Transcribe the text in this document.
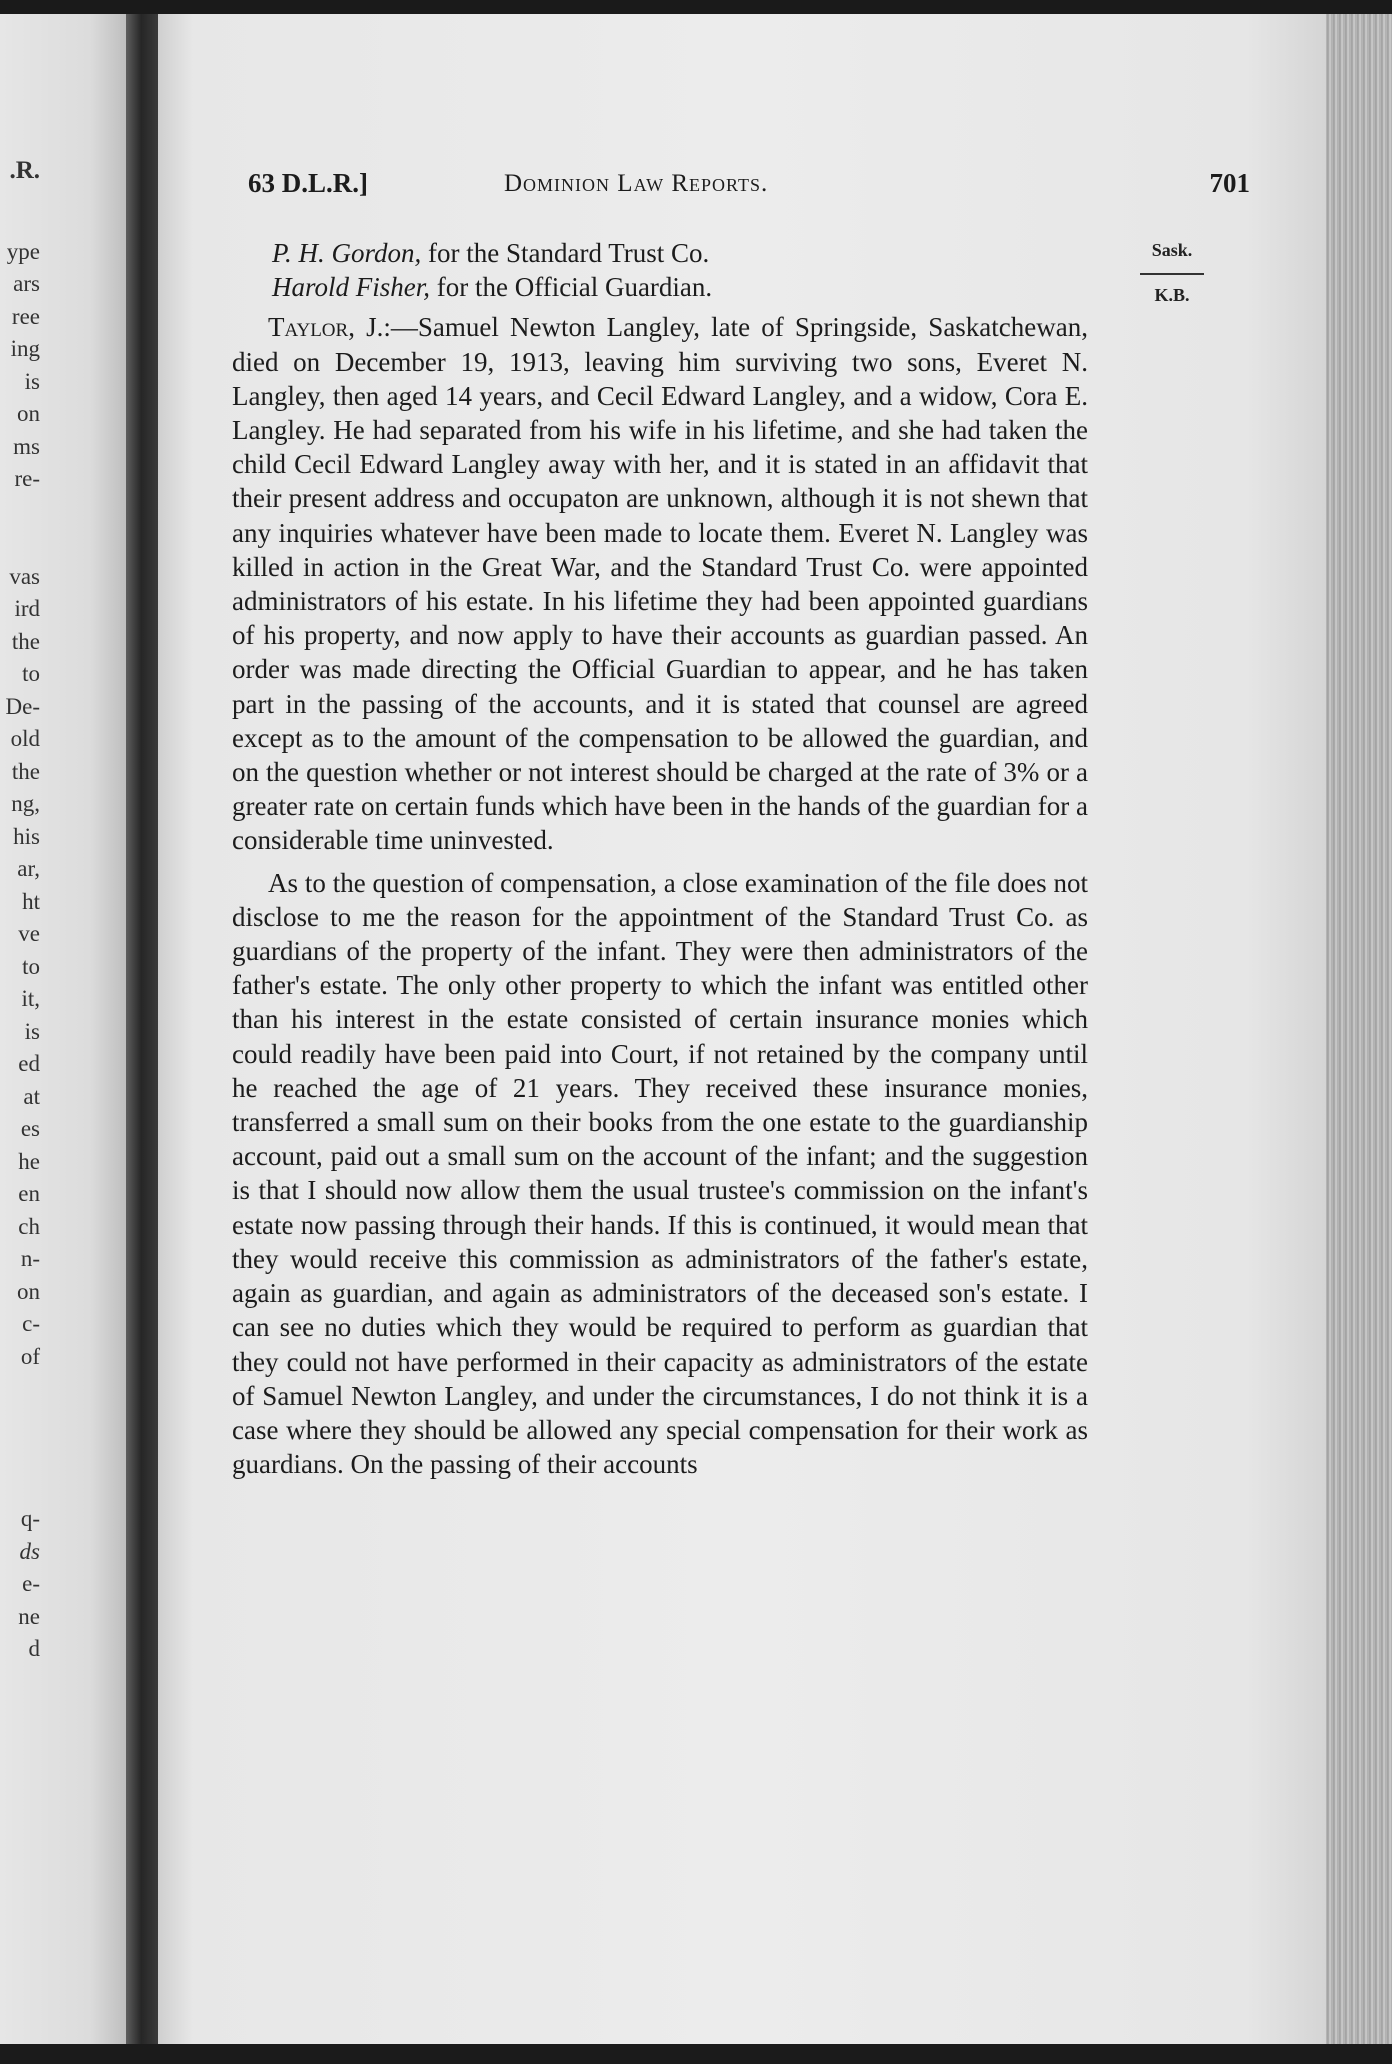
.R.
ype
ars
ree
ing
is
on
ms
re-
vas
ird
the
to
De-
old
the
ng,
his
ar,
ht
ve
to
it,
is
ed
at
es
he
en
ch
n-
on
c-
of
q-
ds
e-
ne
d
63 D.L.R.]	Dominion Law Reports.	701
Sask.
K.B.

P. H. Gordon, for the Standard Trust Co.

Harold Fisher, for the Official Guardian.

Taylor, J.:—Samuel Newton Langley, late of Springside, Saskatchewan, died on December 19, 1913, leaving him surviving two sons, Everet N. Langley, then aged 14 years, and Cecil Edward Langley, and a widow, Cora E. Langley. He had separated from his wife in his lifetime, and she had taken the child Cecil Edward Langley away with her, and it is stated in an affidavit that their present address and occupaton are unknown, although it is not shewn that any inquiries whatever have been made to locate them. Everet N. Langley was killed in action in the Great War, and the Standard Trust Co. were appointed administrators of his estate. In his lifetime they had been appointed guardians of his property, and now apply to have their accounts as guardian passed. An order was made directing the Official Guardian to appear, and he has taken part in the passing of the accounts, and it is stated that counsel are agreed except as to the amount of the compensation to be allowed the guardian, and on the question whether or not interest should be charged at the rate of 3% or a greater rate on certain funds which have been in the hands of the guardian for a considerable time uninvested.

As to the question of compensation, a close examination of the file does not disclose to me the reason for the appointment of the Standard Trust Co. as guardians of the property of the infant. They were then administrators of the father's estate. The only other property to which the infant was entitled other than his interest in the estate consisted of certain insurance monies which could readily have been paid into Court, if not retained by the company until he reached the age of 21 years. They received these insurance monies, transferred a small sum on their books from the one estate to the guardianship account, paid out a small sum on the account of the infant; and the suggestion is that I should now allow them the usual trustee's commission on the infant's estate now passing through their hands. If this is continued, it would mean that they would receive this commission as administrators of the father's estate, again as guardian, and again as administrators of the deceased son's estate. I can see no duties which they would be required to perform as guardian that they could not have performed in their capacity as administrators of the estate of Samuel Newton Langley, and under the circumstances, I do not think it is a case where they should be allowed any special compensation for their work as guardians. On the passing of their accounts
